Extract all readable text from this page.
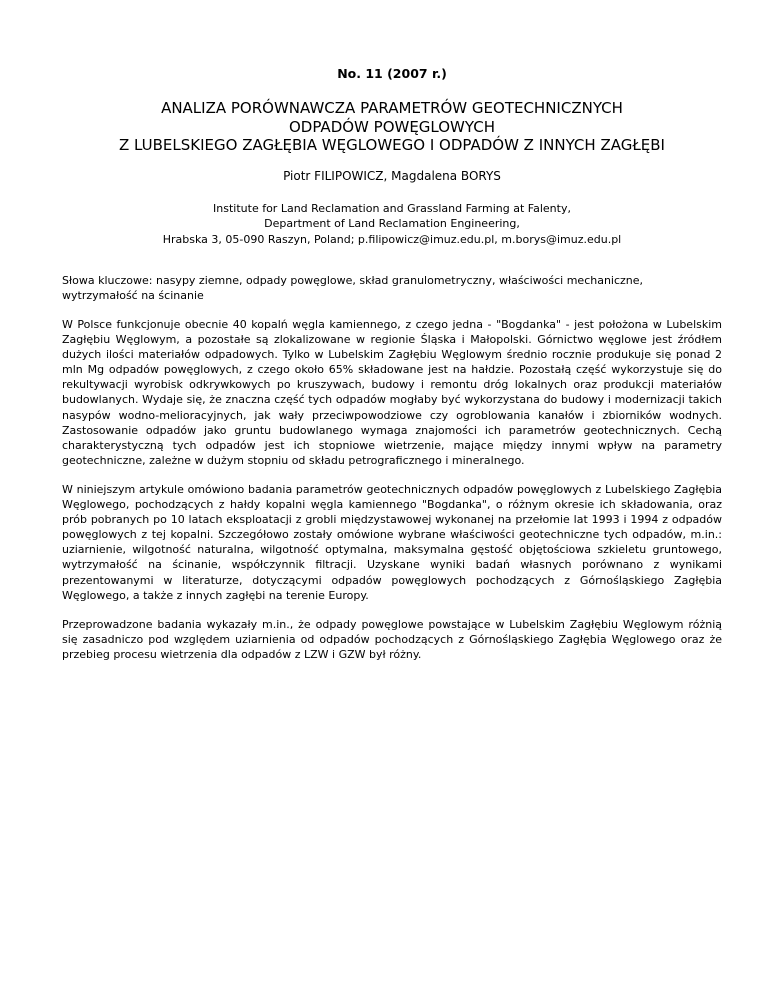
No. 11 (2007 r.)
ANALIZA PORÓWNAWCZA PARAMETRÓW GEOTECHNICZNYCH
ODPADÓW POWĘGLOWYCH
Z LUBELSKIEGO ZAGŁĘBIA WĘGLOWEGO I ODPADÓW Z INNYCH ZAGŁĘBI
Piotr FILIPOWICZ, Magdalena BORYS
Institute for Land Reclamation and Grassland Farming at Falenty,
Department of Land Reclamation Engineering,
Hrabska 3, 05-090 Raszyn, Poland; p.filipowicz@imuz.edu.pl, m.borys@imuz.edu.pl

Słowa kluczowe: nasypy ziemne, odpady powęglowe, skład granulometryczny, właściwości mechaniczne, wytrzymałość na ścinanie

W Polsce funkcjonuje obecnie 40 kopalń węgla kamiennego, z czego jedna - "Bogdanka" - jest położona w Lubelskim Zagłębiu Węglowym, a pozostałe są zlokalizowane w regionie Śląska i Małopolski. Górnictwo węglowe jest źródłem dużych ilości materiałów odpadowych. Tylko w Lubelskim Zagłębiu Węglowym średnio rocznie produkuje się ponad 2 mln Mg odpadów powęglowych, z czego około 65% składowane jest na hałdzie. Pozostałą część wykorzystuje się do rekultywacji wyrobisk odkrywkowych po kruszywach, budowy i remontu dróg lokalnych oraz produkcji materiałów budowlanych. Wydaje się, że znaczna część tych odpadów mogłaby być wykorzystana do budowy i modernizacji takich nasypów wodno-melioracyjnych, jak wały przeciwpowodziowe czy ogroblowania kanałów i zbiorników wodnych. Zastosowanie odpadów jako gruntu budowlanego wymaga znajomości ich parametrów geotechnicznych. Cechą charakterystyczną tych odpadów jest ich stopniowe wietrzenie, mające między innymi wpływ na parametry geotechniczne, zależne w dużym stopniu od składu petrograficznego i mineralnego.

W niniejszym artykule omówiono badania parametrów geotechnicznych odpadów powęglowych z Lubelskiego Zagłębia Węglowego, pochodzących z hałdy kopalni węgla kamiennego "Bogdanka", o różnym okresie ich składowania, oraz prób pobranych po 10 latach eksploatacji z grobli międzystawowej wykonanej na przełomie lat 1993 i 1994 z odpadów powęglowych z tej kopalni. Szczegółowo zostały omówione wybrane właściwości geotechniczne tych odpadów, m.in.: uziarnienie, wilgotność naturalna, wilgotność optymalna, maksymalna gęstość objętościowa szkieletu gruntowego, wytrzymałość na ścinanie, współczynnik filtracji. Uzyskane wyniki badań własnych porównano z wynikami prezentowanymi w literaturze, dotyczącymi odpadów powęglowych pochodzących z Górnośląskiego Zagłębia Węglowego, a także z innych zagłębi na terenie Europy.

Przeprowadzone badania wykazały m.in., że odpady powęglowe powstające w Lubelskim Zagłębiu Węglowym różnią się zasadniczo pod względem uziarnienia od odpadów pochodzących z Górnośląskiego Zagłębia Węglowego oraz że przebieg procesu wietrzenia dla odpadów z LZW i GZW był różny.
